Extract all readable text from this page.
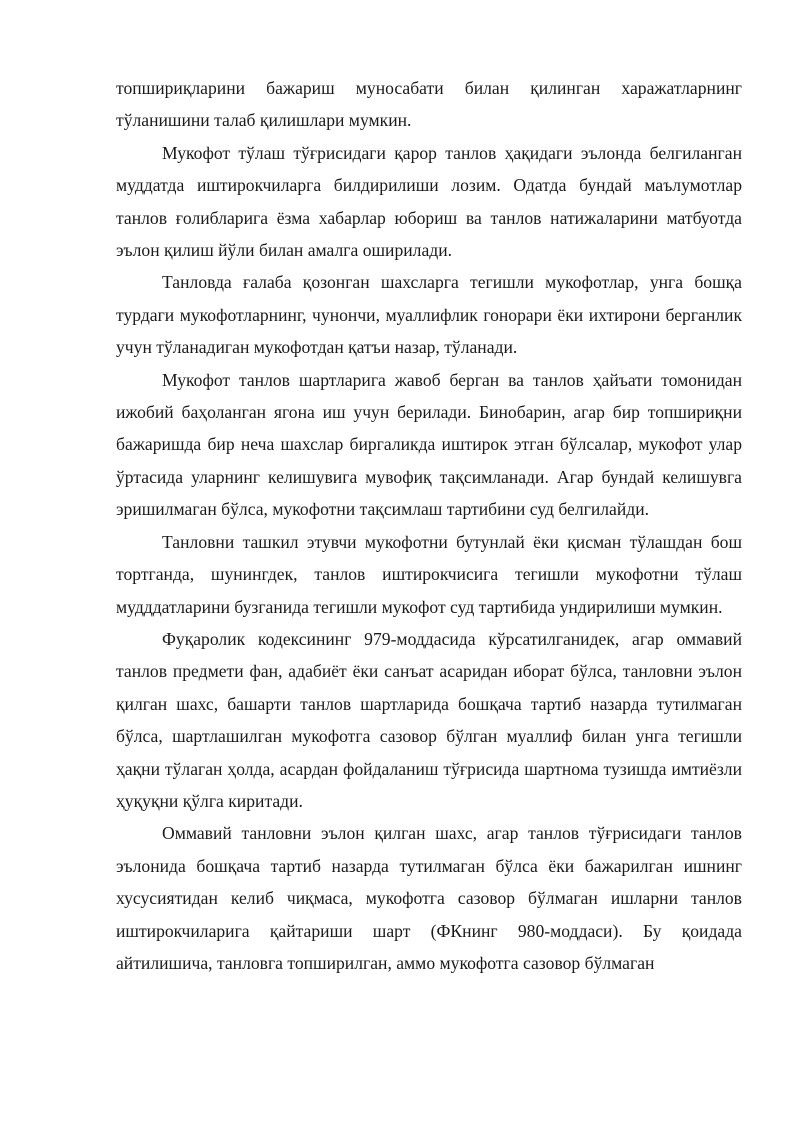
топшириқларини бажариш муносабати билан қилинган харажатларнинг тўланишини талаб қилишлари мумкин.

Мукофот тўлаш тўғрисидаги қарор танлов ҳақидаги эълонда белгиланган муддатда иштирокчиларга билдирилиши лозим. Одатда бундай маълумотлар танлов ғолибларига ёзма хабарлар юбориш ва танлов натижаларини матбуотда эълон қилиш йўли билан амалга оширилади.

Танловда ғалаба қозонган шахсларга тегишли мукофотлар, унга бошқа турдаги мукофотларнинг, чунончи, муаллифлик гонорари ёки ихтирони берганлик учун тўланадиган мукофотдан қатъи назар, тўланади.

Мукофот танлов шартларига жавоб берган ва танлов ҳайъати томонидан ижобий баҳоланган ягона иш учун берилади. Бинобарин, агар бир топшириқни бажаришда бир неча шахслар биргаликда иштирок этган бўлсалар, мукофот улар ўртасида уларнинг келишувига мувофиқ тақсимланади. Агар бундай келишувга эришилмаган бўлса, мукофотни тақсимлаш тартибини суд белгилайди.

Танловни ташкил этувчи мукофотни бутунлай ёки қисман тўлашдан бош тортганда, шунингдек, танлов иштирокчисига тегишли мукофотни тўлаш мудддатларини бузганида тегишли мукофот суд тартибида ундирилиши мумкин.

Фуқаролик кодексининг 979-моддасида кўрсатилганидек, агар оммавий танлов предмети фан, адабиёт ёки санъат асаридан иборат бўлса, танловни эълон қилган шахс, башарти танлов шартларида бошқача тартиб назарда тутилмаган бўлса, шартлашилган мукофотга сазовор бўлган муаллиф билан унга тегишли ҳақни тўлаган ҳолда, асардан фойдаланиш тўғрисида шартнома тузишда имтиёзли ҳуқуқни қўлга киритади.

Оммавий танловни эълон қилган шахс, агар танлов тўғрисидаги танлов эълонида бошқача тартиб назарда тутилмаган бўлса ёки бажарилган ишнинг хусусиятидан келиб чиқмаса, мукофотга сазовор бўлмаган ишларни танлов иштирокчиларига қайтариши шарт (ФКнинг 980-моддаси). Бу қоидада айтилишича, танловга топширилган, аммо мукофотга сазовор бўлмаган
